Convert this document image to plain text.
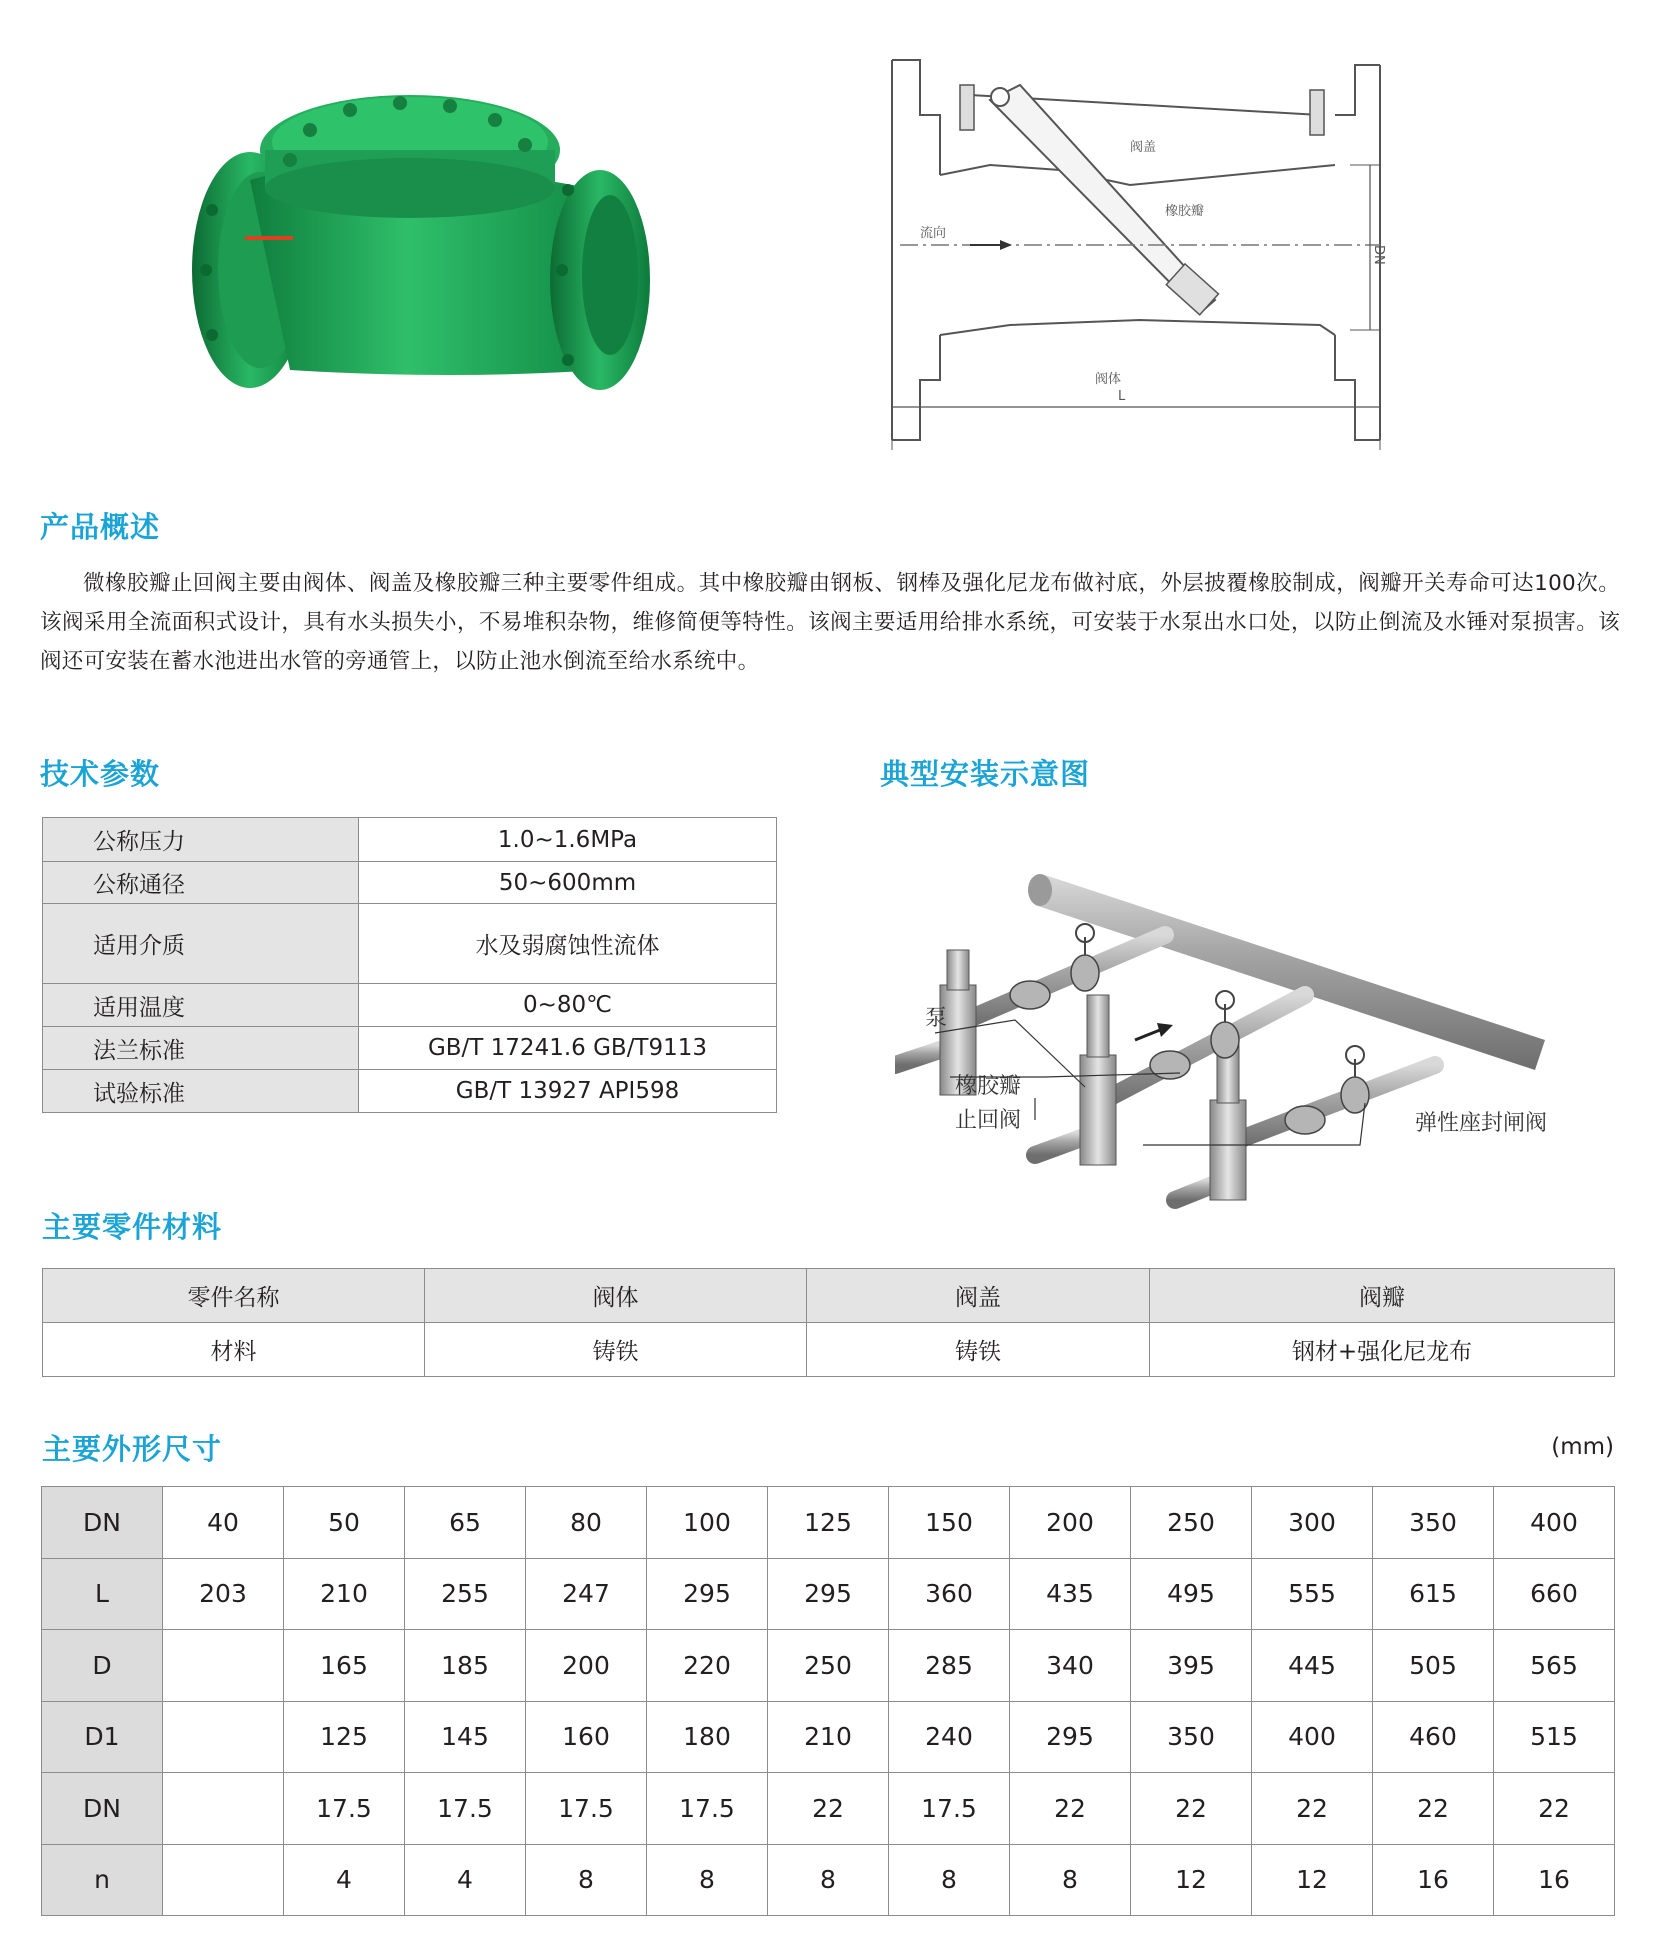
阀盖
橡胶瓣
流向
阀体
DN
L
产品概述
微橡胶瓣止回阀主要由阀体、阀盖及橡胶瓣三种主要零件组成。其中橡胶瓣由钢板、钢棒及强化尼龙布做衬底，外层披覆橡胶制成，阀瓣开关寿命可达100次。该阀采用全流面积式设计，具有水头损失小，不易堆积杂物，维修简便等特性。该阀主要适用给排水系统，可安装于水泵出水口处，以防止倒流及水锤对泵损害。该阀还可安装在蓄水池进出水管的旁通管上，以防止池水倒流至给水系统中。
技术参数
公称压力	1.0~1.6MPa
公称通径	50~600mm
适用介质	水及弱腐蚀性流体
适用温度	0~80℃
法兰标准	GB/T 17241.6 GB/T9113
试验标准	GB/T 13927 API598
典型安装示意图
泵
橡胶瓣
止回阀	弹性座封闸阀
主要零件材料
零件名称	阀体	阀盖	阀瓣
材料	铸铁	铸铁	钢材+强化尼龙布
主要外形尺寸	(mm)
DN	40	50	65	80	100	125	150	200	250	300	350	400
L	203	210	255	247	295	295	360	435	495	555	615	660
D		165	185	200	220	250	285	340	395	445	505	565
D1		125	145	160	180	210	240	295	350	400	460	515
DN		17.5	17.5	17.5	17.5	22	17.5	22	22	22	22	22
n		4	4	8	8	8	8	8	12	12	16	16
